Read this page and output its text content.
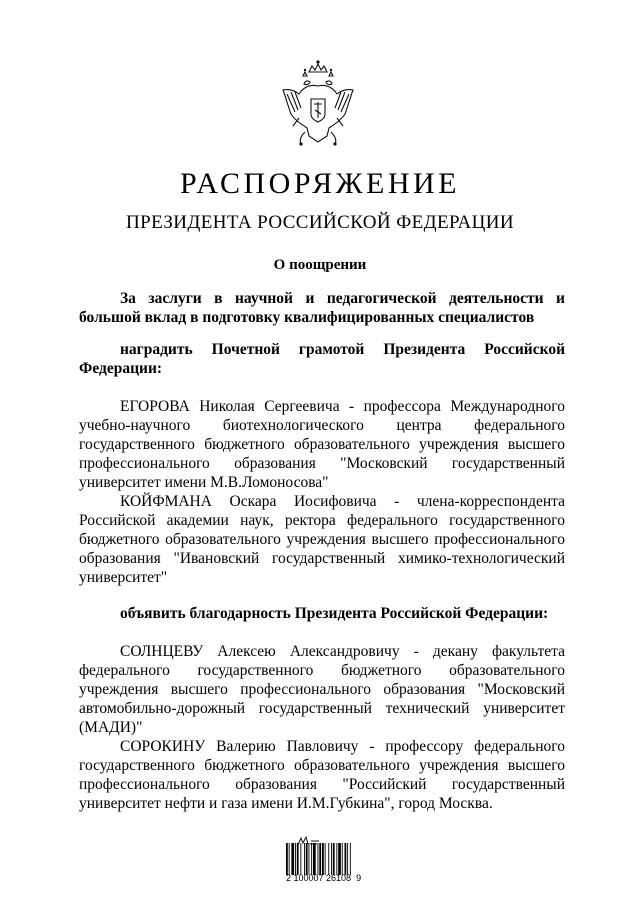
РАСПОРЯЖЕНИЕ
ПРЕЗИДЕНТА РОССИЙСКОЙ ФЕДЕРАЦИИ
О поощрении

За заслуги в научной и педагогической деятельности и большой вклад в подготовку квалифицированных специалистов

наградить Почетной грамотой Президента Российской Федерации:

ЕГОРОВА Николая Сергеевича - профессора Международного учебно-научного биотехнологического центра федерального государственного бюджетного образовательного учреждения высшего профессионального образования "Московский государственный университет имени М.В.Ломоносова"

КОЙФМАНА Оскара Иосифовича - члена-корреспондента Российской академии наук, ректора федерального государственного бюджетного образовательного учреждения высшего профессионального образования "Ивановский государственный химико-технологический университет"

объявить благодарность Президента Российской Федерации:

СОЛНЦЕВУ Алексею Александровичу - декану факультета федерального государственного бюджетного образовательного учреждения высшего профессионального образования "Московский автомобильно-дорожный государственный технический университет (МАДИ)"

СОРОКИНУ Валерию Павловичу - профессору федерального государственного бюджетного образовательного учреждения высшего профессионального образования "Российский государственный университет нефти и газа имени И.М.Губкина", город Москва.

2 100007 26108  9
